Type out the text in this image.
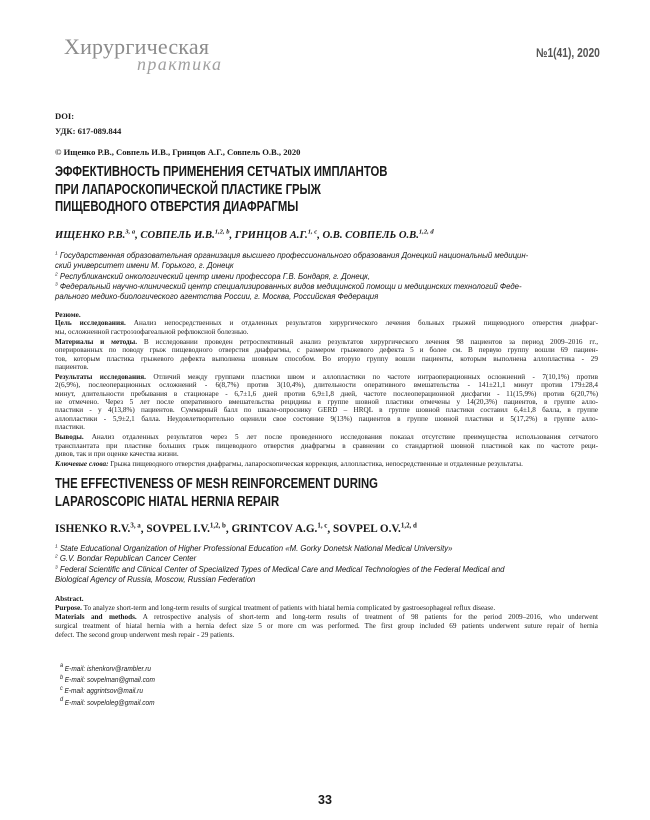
Хирургическая
практика
№1(41), 2020
DOI:
УДК: 617-089.844
© Ищенко Р.В., Совпель И.В., Гринцов А.Г., Совпель О.В., 2020
ЭФФЕКТИВНОСТЬ ПРИМЕНЕНИЯ СЕТЧАТЫХ ИМПЛАНТОВ
ПРИ ЛАПАРОСКОПИЧЕСКОЙ ПЛАСТИКЕ ГРЫЖ
ПИЩЕВОДНОГО ОТВЕРСТИЯ ДИАФРАГМЫ
ИЩЕНКО Р.В.$^{3, a}$, СОВПЕЛЬ И.В.$^{1,2, b}$, ГРИНЦОВ А.Г.$^{1, c}$, О.В. СОВПЕЛЬ О.В.$^{1,2, d}$
$^1$ Государственная образовательная организация высшего профессионального образования Донецкий национальный медицин-
ский университет имени М. Горького, г. Донецк
$^2$ Республиканский онкологический центр имени профессора Г.В. Бондаря, г. Донецк,
$^3$ Федеральный научно-клинический центр специализированных видов медицинской помощи и медицинских технологий Феде-
рального медико-биологического агентства России, г. Москва, Российская Федерация
Резюме.
Цель исследования. Анализ непосредственных и отдаленных результатов хирургического лечения больных грыжей пищеводного отверстия диафраг-
мы, осложненной гастроэзофагеальной рефлюксной болезнью.
Материалы и методы. В исследовании проведен ретроспективный анализ результатов хирургического лечения 98 пациентов за период 2009–2016 гг.,
оперированных по поводу грыж пищеводного отверстия диафрагмы, с размером грыжевого дефекта 5 и более см. В первую группу вошли 69 пациен-
тов, которым пластика грыжевого дефекта выполнена шовным способом. Во вторую группу вошли пациенты, которым выполнена аллопластика - 29
пациентов.
Результаты исследования. Отличий между группами пластики швом и аллопластики по частоте интраоперационных осложнений - 7(10,1%) против
2(6,9%), послеоперационных осложнений - 6(8,7%) против 3(10,4%), длительности оперативного вмешательства - 141±21,1 минут против 179±28,4
минут, длительности пребывания в стационаре - 6,7±1,6 дней против 6,9±1,8 дней, частоте послеоперационной дисфагии - 11(15,9%) против 6(20,7%)
не отмечено. Через 5 лет после оперативного вмешательства рецидивы в группе шовной пластики отмечены у 14(20,3%) пациентов, в группе алло-
пластики - у 4(13,8%) пациентов. Суммарный балл по шкале-опроснику GERD – HRQL в группе шовной пластики составил 6,4±1,8 балла, в группе
аллопластики - 5,9±2,1 балла. Неудовлетворительно оценили свое состояние 9(13%) пациентов в группе шовной пластики и 5(17,2%) в группе алло-
пластики.
Выводы. Анализ отдаленных результатов через 5 лет после проведенного исследования показал отсутствие преимущества использования сетчатого
трансплантата при пластике больших грыж пищеводного отверстия диафрагмы в сравнении со стандартной шовной пластикой как по частоте реци-
дивов, так и при оценке качества жизни.
Ключевые слова: Грыжа пищеводного отверстия диафрагмы, лапароскопическая коррекция, аллопластика, непосредственные и отдаленные результаты.
THE EFFECTIVENESS OF MESH REINFORCEMENT DURING
LAPAROSCOPIC HIATAL HERNIA REPAIR
ISHENKO R.V.$^{3, a}$, SOVPEL I.V.$^{1,2, b}$, GRINTCOV A.G.$^{1, c}$, SOVPEL O.V.$^{1,2, d}$
$^1$ State Educational Organization of Higher Professional Education «M. Gorky Donetsk National Medical University»
$^2$ G.V. Bondar Republican Cancer Center
$^3$ Federal Scientific and Clinical Center of Specialized Types of Medical Care and Medical Technologies of the Federal Medical and
Biological Agency of Russia, Moscow, Russian Federation
Abstract.
Purpose. To analyze short-term and long-term results of surgical treatment of patients with hiatal hernia complicated by gastroesophageal reflux disease.
Materials and methods. A retrospective analysis of short-term and long-term results of treatment of 98 patients for the period 2009–2016, who underwent
surgical treatment of hiatal hernia with a hernia defect size 5 or more cm was performed. The first group included 69 patients underwent suture repair of hernia
defect. The second group underwent mesh repair - 29 patients.
$^a$ E-mail: ishenkorv@rambler.ru
$^b$ E-mail: sovpelman@gmail.com
$^c$ E-mail: aggrintsov@mail.ru
$^d$ E-mail: sovpeloleg@gmail.com
33
